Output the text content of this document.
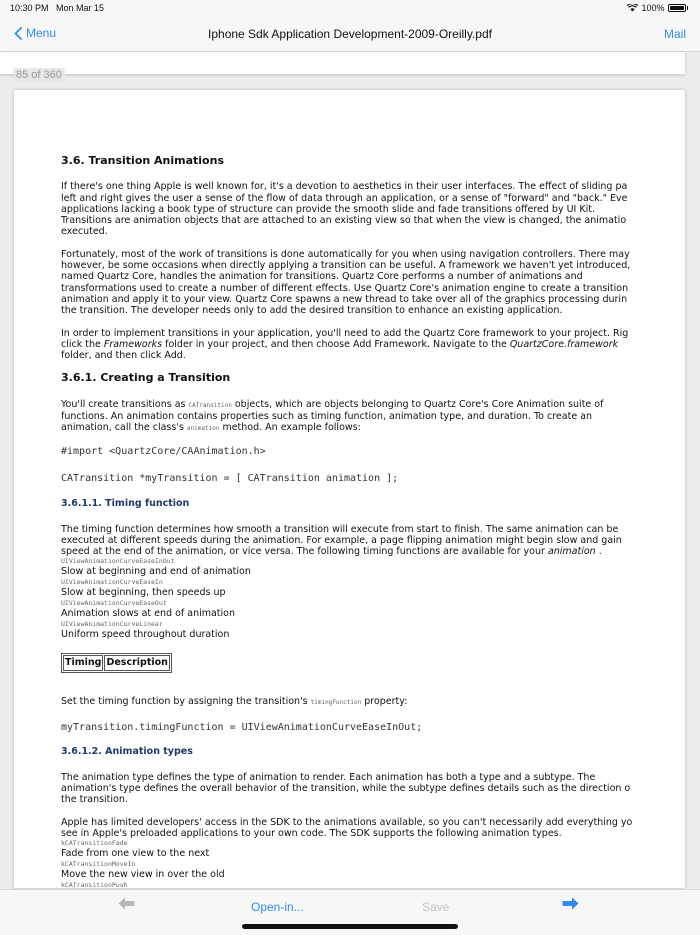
10:30 PM Mon Mar 15	100%
Menu	Iphone Sdk Application Development-2009-Oreilly.pdf	Mail
85 of 360
3.6. Transition Animations

If there's one thing Apple is well known for, it's a devotion to aesthetics in their user interfaces. The effect of sliding pa
left and right gives the user a sense of the flow of data through an application, or a sense of "forward" and "back." Eve
applications lacking a book type of structure can provide the smooth slide and fade transitions offered by UI Kit.
Transitions are animation objects that are attached to an existing view so that when the view is changed, the animatio
executed.

Fortunately, most of the work of transitions is done automatically for you when using navigation controllers. There may
however, be some occasions when directly applying a transition can be useful. A framework we haven't yet introduced,
named Quartz Core, handles the animation for transitions. Quartz Core performs a number of animations and
transformations used to create a number of different effects. Use Quartz Core's animation engine to create a transition
animation and apply it to your view. Quartz Core spawns a new thread to take over all of the graphics processing durin
the transition. The developer needs only to add the desired transition to enhance an existing application.

In order to implement transitions in your application, you'll need to add the Quartz Core framework to your project. Rig
click the Frameworks folder in your project, and then choose Add Framework. Navigate to the QuartzCore.framework
folder, and then click Add.

3.6.1. Creating a Transition

You'll create transitions as CATransition objects, which are objects belonging to Quartz Core's Core Animation suite of
functions. An animation contains properties such as timing function, animation type, and duration. To create an
animation, call the class's animation method. An example follows:

#import <QuartzCore/CAAnimation.h>
CATransition *myTransition = [ CATransition animation ];
3.6.1.1. Timing function

The timing function determines how smooth a transition will execute from start to finish. The same animation can be
executed at different speeds during the animation. For example, a page flipping animation might begin slow and gain
speed at the end of the animation, or vice versa. The following timing functions are available for your animation .

UIViewAnimationCurveEaseInOut
Slow at beginning and end of animation
UIViewAnimationCurveEaseIn
Slow at beginning, then speeds up
UIViewAnimationCurveEaseOut
Animation slows at end of animation
UIViewAnimationCurveLinear
Uniform speed throughout duration
Timing	Description

Set the timing function by assigning the transition's timingFunction property:

myTransition.timingFunction = UIViewAnimationCurveEaseInOut;
3.6.1.2. Animation types

The animation type defines the type of animation to render. Each animation has both a type and a subtype. The
animation's type defines the overall behavior of the transition, while the subtype defines details such as the direction o
the transition.

Apple has limited developers' access in the SDK to the animations available, so you can't necessarily add everything yo
see in Apple's preloaded applications to your own code. The SDK supports the following animation types.

kCATransitionFade
Fade from one view to the next
kCATransitionMoveIn
Move the new view in over the old
kCATransitionPush
Open-in...	Save
